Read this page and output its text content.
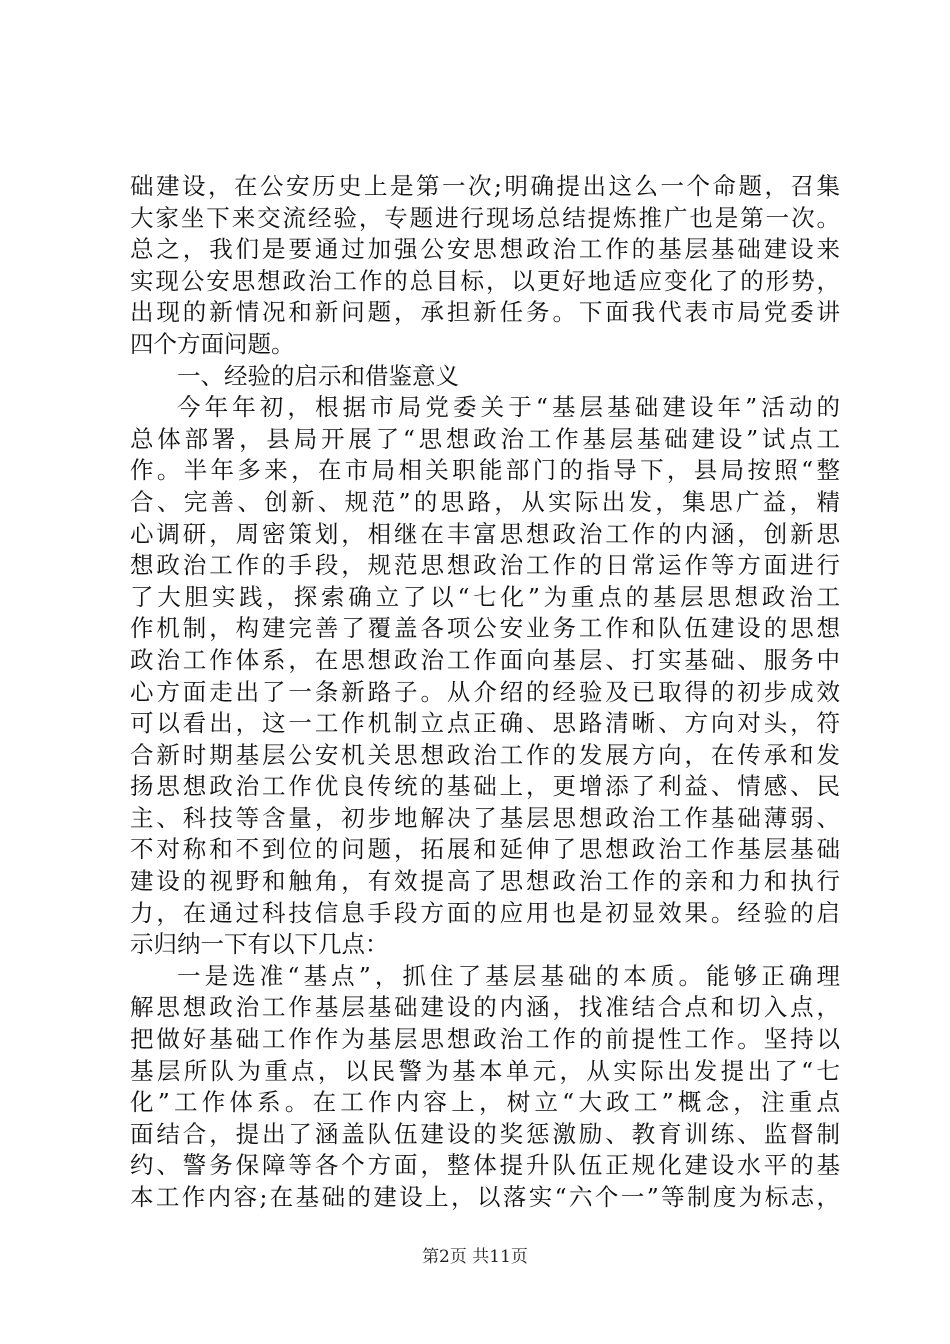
础建设，在公安历史上是第一次;明确提出这么一个命题，召集
大家坐下来交流经验，专题进行现场总结提炼推广也是第一次。
总之，我们是要通过加强公安思想政治工作的基层基础建设来
实现公安思想政治工作的总目标，以更好地适应变化了的形势，
出现的新情况和新问题，承担新任务。下面我代表市局党委讲
四个方面问题。
一、经验的启示和借鉴意义
今年年初，根据市局党委关于“基层基础建设年”活动的
总体部署，县局开展了“思想政治工作基层基础建设”试点工
作。半年多来，在市局相关职能部门的指导下，县局按照“整
合、完善、创新、规范”的思路，从实际出发，集思广益，精
心调研，周密策划，相继在丰富思想政治工作的内涵，创新思
想政治工作的手段，规范思想政治工作的日常运作等方面进行
了大胆实践，探索确立了以“七化”为重点的基层思想政治工
作机制，构建完善了覆盖各项公安业务工作和队伍建设的思想
政治工作体系，在思想政治工作面向基层、打实基础、服务中
心方面走出了一条新路子。从介绍的经验及已取得的初步成效
可以看出，这一工作机制立点正确、思路清晰、方向对头，符
合新时期基层公安机关思想政治工作的发展方向，在传承和发
扬思想政治工作优良传统的基础上，更增添了利益、情感、民
主、科技等含量，初步地解决了基层思想政治工作基础薄弱、
不对称和不到位的问题，拓展和延伸了思想政治工作基层基础
建设的视野和触角，有效提高了思想政治工作的亲和力和执行
力，在通过科技信息手段方面的应用也是初显效果。经验的启
示归纳一下有以下几点：
一是选准“基点”，抓住了基层基础的本质。能够正确理
解思想政治工作基层基础建设的内涵，找准结合点和切入点，
把做好基础工作作为基层思想政治工作的前提性工作。坚持以
基层所队为重点，以民警为基本单元，从实际出发提出了“七
化”工作体系。在工作内容上，树立“大政工”概念，注重点
面结合，提出了涵盖队伍建设的奖惩激励、教育训练、监督制
约、警务保障等各个方面，整体提升队伍正规化建设水平的基
本工作内容;在基础的建设上，以落实“六个一”等制度为标志，
第2页 共11页
